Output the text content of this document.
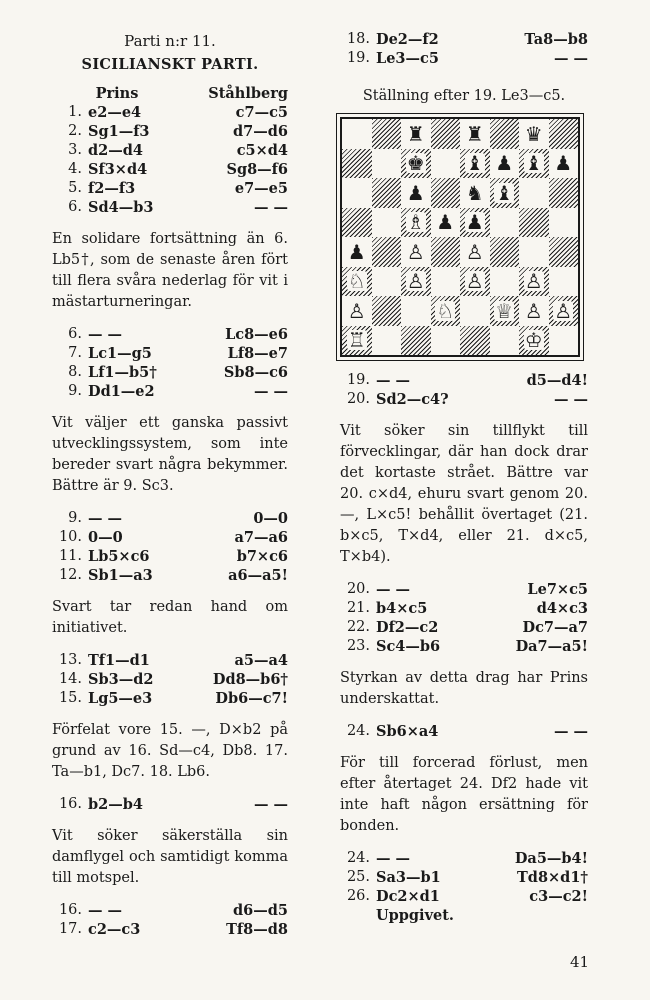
Parti n:r 11.
SICILIANSKT PARTI.
Prins	Ståhlberg
1. e2—e4	c7—c5
2. Sg1—f3	d7—d6
3. d2—d4	c5×d4
4. Sf3×d4	Sg8—f6
5. f2—f3	e7—e5
6. Sd4—b3	— —

En solidare fortsättning än 6. Lb5†, som de senaste åren fört till flera svåra nederlag för vit i mästarturneringar.

6. — —	Lc8—e6
7. Lc1—g5	Lf8—e7
8. Lf1—b5†	Sb8—c6
9. Dd1—e2	— —

Vit väljer ett ganska passivt utvecklingssystem, som inte bereder svart några bekymmer. Bättre är 9. Sc3.

9. — —	0—0
10. 0—0	a7—a6
11. Lb5×c6	b7×c6
12. Sb1—a3	a6—a5!

Svart tar redan hand om initiativet.

13. Tf1—d1	a5—a4
14. Sb3—d2	Dd8—b6†
15. Lg5—e3	Db6—c7!

Förfelat vore 15. —, D×b2 på grund av 16. Sd—c4, Db8. 17. Ta—b1, Dc7. 18. Lb6.

16. b2—b4	— —

Vit söker säkerställa sin damflygel och samtidigt komma till motspel.

16. — —	d6—d5
17. c2—c3	Tf8—d8
18. De2—f2	Ta8—b8
19. Le3—c5	— —

Ställning efter 19. Le3—c5.

♜ ♜ ♛
♚ ♝ ♟ ♝ ♟
♟ ♞ ♝
♗ ♟ ♟
♟ ♙ ♙
♘ ♙ ♙ ♙
♙	♘ ♕ ♙ ♙
♖	♔
19. — —	d5—d4!
20. Sd2—c4?	— —

Vit söker sin tillflykt till förvecklingar, där han dock drar det kortaste strået. Bättre var 20. c×d4, ehuru svart genom 20. —, L×c5! behållit övertaget (21. b×c5, T×d4, eller 21. d×c5, T×b4).

20. — —	Le7×c5
21. b4×c5	d4×c3
22. Df2—c2	Dc7—a7
23. Sc4—b6	Da7—a5!

Styrkan av detta drag har Prins underskattat.

24. Sb6×a4	— —

För till forcerad förlust, men efter återtaget 24. Df2 hade vit inte haft någon ersättning för bonden.

24. — —	Da5—b4!
25. Sa3—b1	Td8×d1†
26. Dc2×d1	c3—c2!
Uppgivet.
41
